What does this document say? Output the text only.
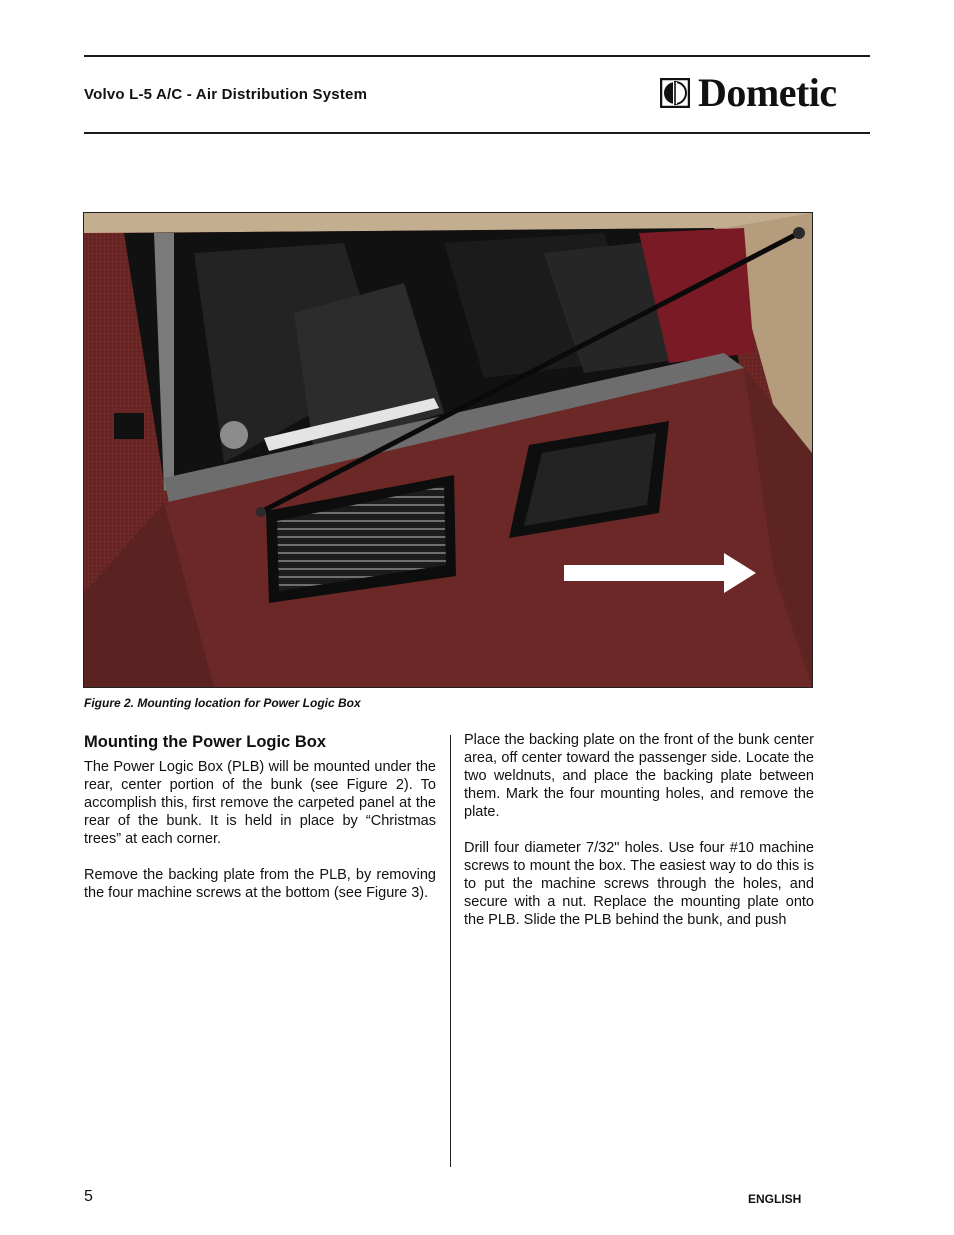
Volvo L-5 A/C - Air Distribution System	Dometic
Figure 2. Mounting location for Power Logic Box
Mounting the Power Logic Box

The Power Logic Box (PLB) will be mounted under the rear, center portion of the bunk (see Figure 2). To accomplish this, first remove the carpeted panel at the rear of the bunk. It is held in place by “Christmas trees” at each corner.

Remove the backing plate from the PLB, by removing the four machine screws at the bottom (see Figure 3).

Place the backing plate on the front of the bunk center area, off center toward the passenger side. Locate the two weldnuts, and place the backing plate between them. Mark the four mounting holes, and remove the plate.

Drill four diameter 7/32" holes. Use four #10 machine screws to mount the box. The easiest way to do this is to put the machine screws through the holes, and secure with a nut. Replace the mounting plate onto the PLB. Slide the PLB behind the bunk, and push

5	ENGLISH
